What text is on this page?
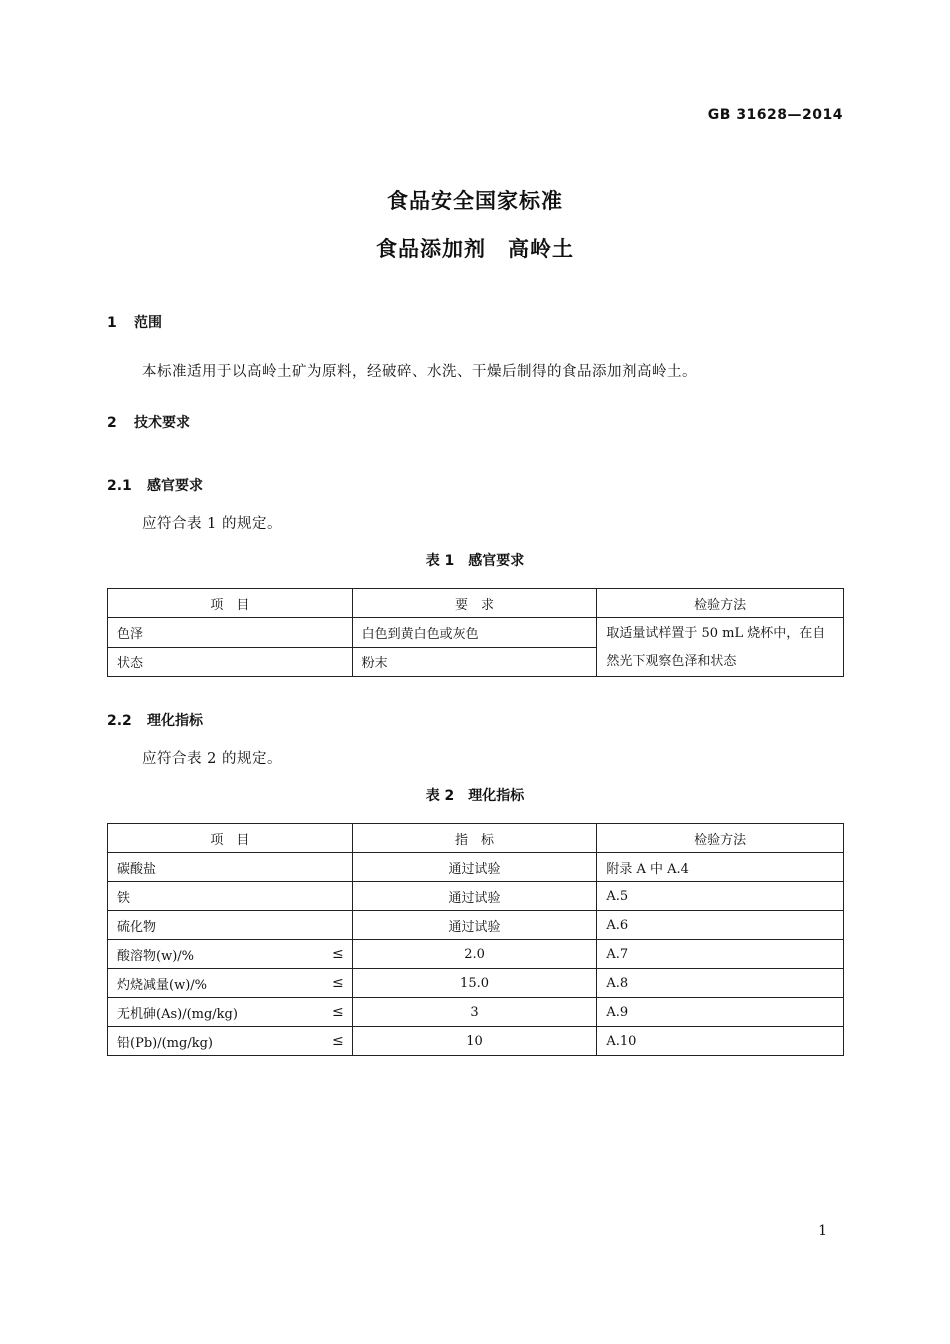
GB 31628—2014
食品安全国家标准
食品添加剂　高岭土
1 范围
本标准适用于以高岭土矿为原料，经破碎、水洗、干燥后制得的食品添加剂高岭土。
2 技术要求
2.1 感官要求
应符合表 1 的规定。
表 1　感官要求
项　目	要　求	检验方法
色泽	白色到黄白色或灰色	取适量试样置于 50 mL 烧杯中，在自然光下观察色泽和状态
状态	粉末	
2.2 理化指标
应符合表 2 的规定。
表 2　理化指标
项　目	指　标	检验方法
碳酸盐	通过试验	附录 A 中 A.4
铁	通过试验	A.5
硫化物	通过试验	A.6
酸溶物(w)/% ≤	2.0	A.7
灼烧减量(w)/% ≤	15.0	A.8
无机砷(As)/(mg/kg) ≤	3	A.9
铅(Pb)/(mg/kg) ≤	10	A.10
1
